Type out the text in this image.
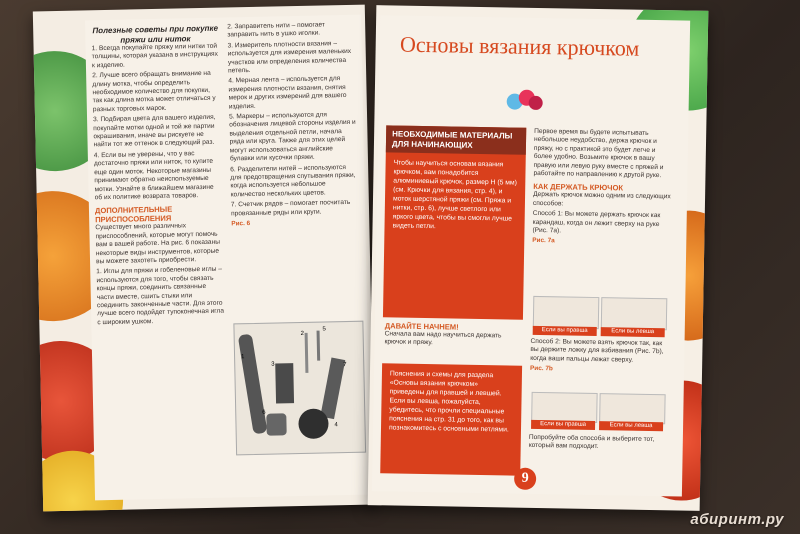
Полезные советы при покупке пряжи или ниток

1. Всегда покупайте пряжу или нитки той толщины, которая указана в инструкциях к изделию.

2. Лучше всего обращать внимание на длину мотка, чтобы определить необходимое количество для покупки, так как длина мотка может отличаться у разных торговых марок.

3. Подбирая цвета для вашего изделия, покупайте мотки одной и той же партии окрашивания, иначе вы рискуете не найти тот же оттенок в следующий раз.

4. Если вы не уверены, что у вас достаточно пряжи или ниток, то купите еще один моток. Некоторые магазины принимают обратно неиспользуемые мотки. Узнайте в ближайшем магазине об их политике возврата товаров.

ДОПОЛНИТЕЛЬНЫЕ ПРИСПОСОБЛЕНИЯ

Существует много различных приспособлений, которые могут помочь вам в вашей работе. На рис. 6 показаны некоторые виды инструментов, которые вы можете захотеть приобрести.

1. Иглы для пряжи и гобеленовые иглы – используются для того, чтобы связать концы пряжи, соединить связанные части вместе, сшить стыки или соединить законченные части. Для этого лучше всего подойдет тупоконечная игла с широким ушком.

2. Заправитель нити – помогает заправить нить в ушко иголки.

3. Измеритель плотности вязания – используется для измерения маленьких участков или определения количества петель.

4. Мерная лента – используется для измерения плотности вязания, снятия мерок и других измерений для вашего изделия.

5. Маркеры – используются для обозначения лицевой стороны изделия и выделения отдельной петли, начала ряда или круга. Также для этих целей могут использоваться английские булавки или кусочки пряжи.

6. Разделители нитей – используются для предотвращения спутывания пряжи, когда используется небольшое количество нескольких цветов.

7. Счетчик рядов – помогает посчитать провязанные ряды или круги.

Рис. 6
1
2
3
4
5
6
7
Основы вязания крючком
НЕОБХОДИМЫЕ МАТЕРИАЛЫ ДЛЯ НАЧИНАЮЩИХ
Чтобы научиться основам вязания крючком, вам понадобится алюминиевый крючок, размер H (5 мм) (см. Крючки для вязания, стр. 4), и моток шерстяной пряжи (см. Пряжа и нитки, стр. 6), лучше светлого или яркого цвета, чтобы вы смогли лучше видеть петли.
ДАВАЙТЕ НАЧНЕМ!

Сначала вам надо научиться держать крючок и пряжу.

Пояснения и схемы для раздела «Основы вязания крючком» приведены для правшей и левшей. Если вы левша, пожалуйста, убедитесь, что прочли специальные пояснения на стр. 31 до того, как вы познакомитесь с основными петлями.

Первое время вы будете испытывать небольшое неудобство, держа крючок и пряжу, но с практикой это будет легче и более удобно. Возьмите крючок в вашу правую или левую руку вместе с пряжей и работайте по направлению к другой руке.

КАК ДЕРЖАТЬ КРЮЧОК

Держать крючок можно одним из следующих способов:

Способ 1: Вы можете держать крючок как карандаш, когда он лежит сверху на руке (Рис. 7а).

Рис. 7а
Если вы правша	Если вы левша

Способ 2: Вы можете взять крючок так, как вы держите ложку для взбивания (Рис. 7b), когда ваши пальцы лежат сверху.

Рис. 7b
Если вы правша	Если вы левша

Попробуйте оба способа и выберите тот, который вам подходит.

9
абиринт.ру
